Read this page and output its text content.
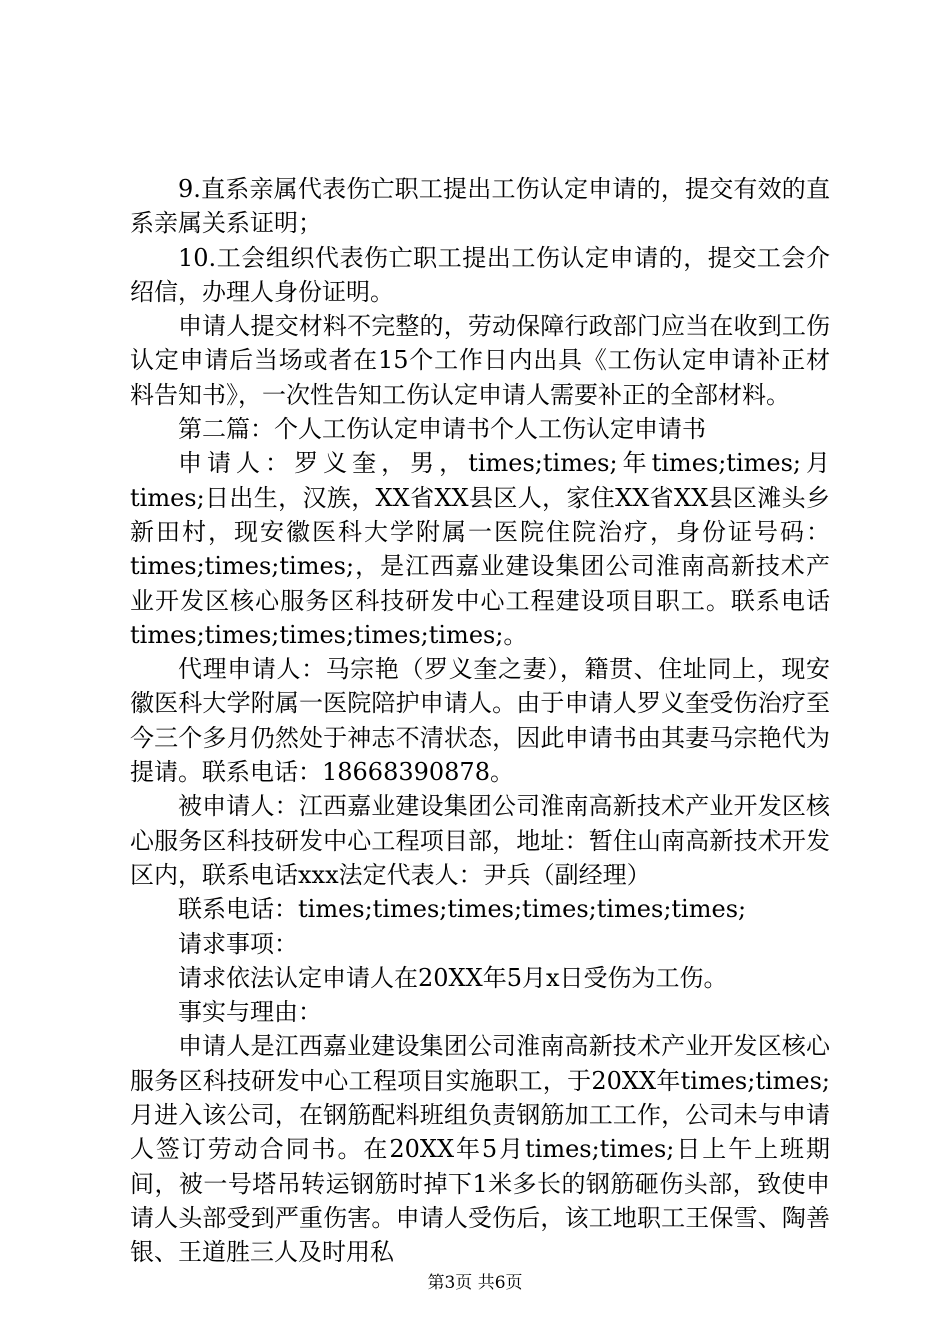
9.直系亲属代表伤亡职工提出工伤认定申请的，提交有效的直系亲属关系证明；

10.工会组织代表伤亡职工提出工伤认定申请的，提交工会介绍信，办理人身份证明。

申请人提交材料不完整的，劳动保障行政部门应当在收到工伤认定申请后当场或者在15个工作日内出具《工伤认定申请补正材料告知书》，一次性告知工伤认定申请人需要补正的全部材料。

第二篇：个人工伤认定申请书个人工伤认定申请书

申请人：罗义奎，男，times;times;年times;times;月times;日出生，汉族，XX省XX县区人，家住XX省XX县区滩头乡新田村，现安徽医科大学附属一医院住院治疗，身份证号码：times;times;times;，是江西嘉业建设集团公司淮南高新技术产业开发区核心服务区科技研发中心工程建设项目职工。联系电话times;times;times;times;times;。

代理申请人：马宗艳（罗义奎之妻），籍贯、住址同上，现安徽医科大学附属一医院陪护申请人。由于申请人罗义奎受伤治疗至今三个多月仍然处于神志不清状态，因此申请书由其妻马宗艳代为提请。联系电话：18668390878。

被申请人：江西嘉业建设集团公司淮南高新技术产业开发区核心服务区科技研发中心工程项目部，地址：暂住山南高新技术开发区内，联系电话xxx法定代表人：尹兵（副经理）

联系电话：times;times;times;times;times;times;

请求事项：

请求依法认定申请人在20XX年5月x日受伤为工伤。

事实与理由：

申请人是江西嘉业建设集团公司淮南高新技术产业开发区核心服务区科技研发中心工程项目实施职工，于20XX年times;times;月进入该公司，在钢筋配料班组负责钢筋加工工作，公司未与申请人签订劳动合同书。在20XX年5月times;times;日上午上班期间，被一号塔吊转运钢筋时掉下1米多长的钢筋砸伤头部，致使申请人头部受到严重伤害。申请人受伤后，该工地职工王保雪、陶善银、王道胜三人及时用私

第3页 共6页
